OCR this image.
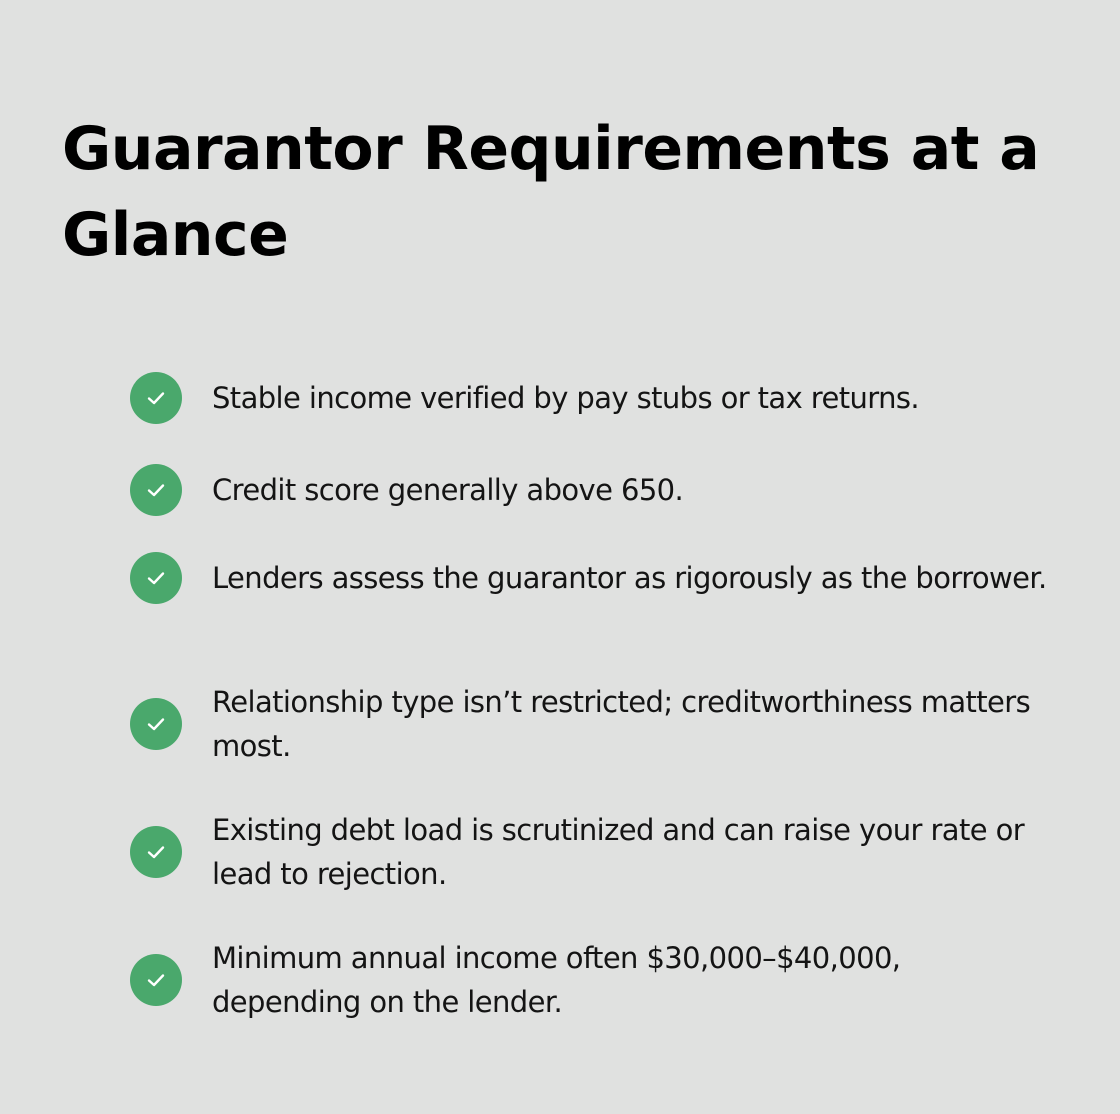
Guarantor Requirements at a Glance
Stable income verified by pay stubs or tax returns.
Credit score generally above 650.
Lenders assess the guarantor as rigorously as the borrower.
Relationship type isn’t restricted; creditworthiness matters most.
Existing debt load is scrutinized and can raise your rate or lead to rejection.
Minimum annual income often $30,000–$40,000, depending on the lender.
